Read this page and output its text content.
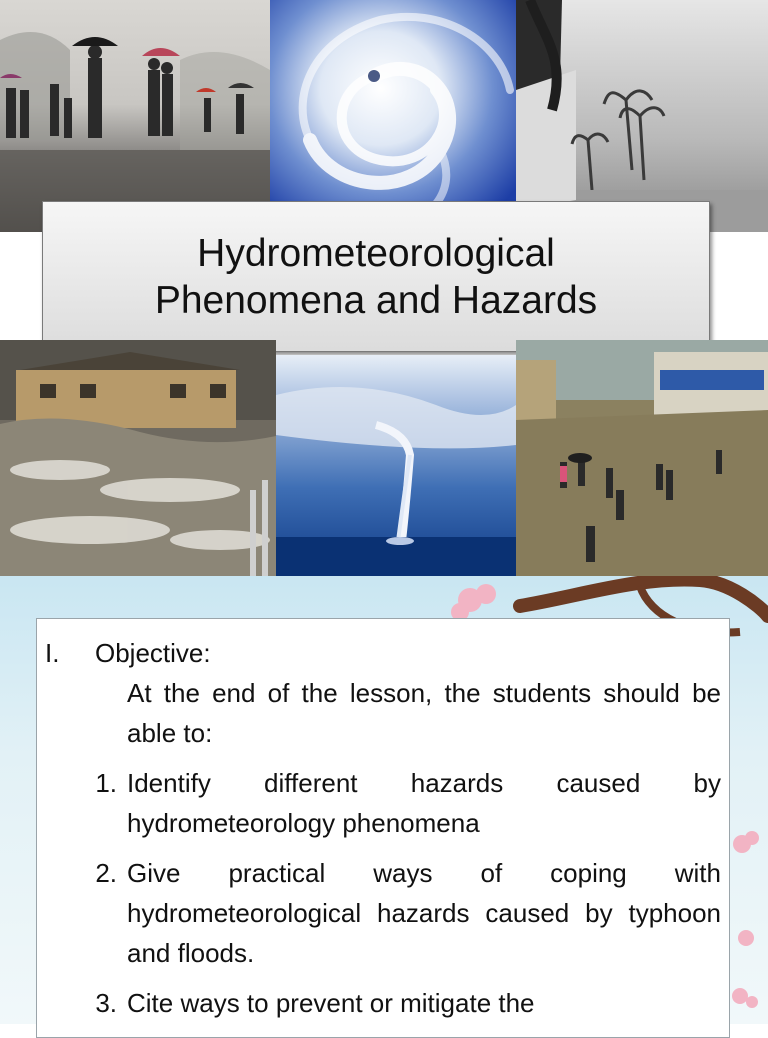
Hydrometeorological
Phenomena and Hazards
I.	Objective:
At the end of the lesson, the students should be able to:
1. Identify different hazards caused by hydrometeorology phenomena
2. Give practical ways of coping with hydrometeorological hazards caused by typhoon and floods.
3. Cite ways to prevent or mitigate the
